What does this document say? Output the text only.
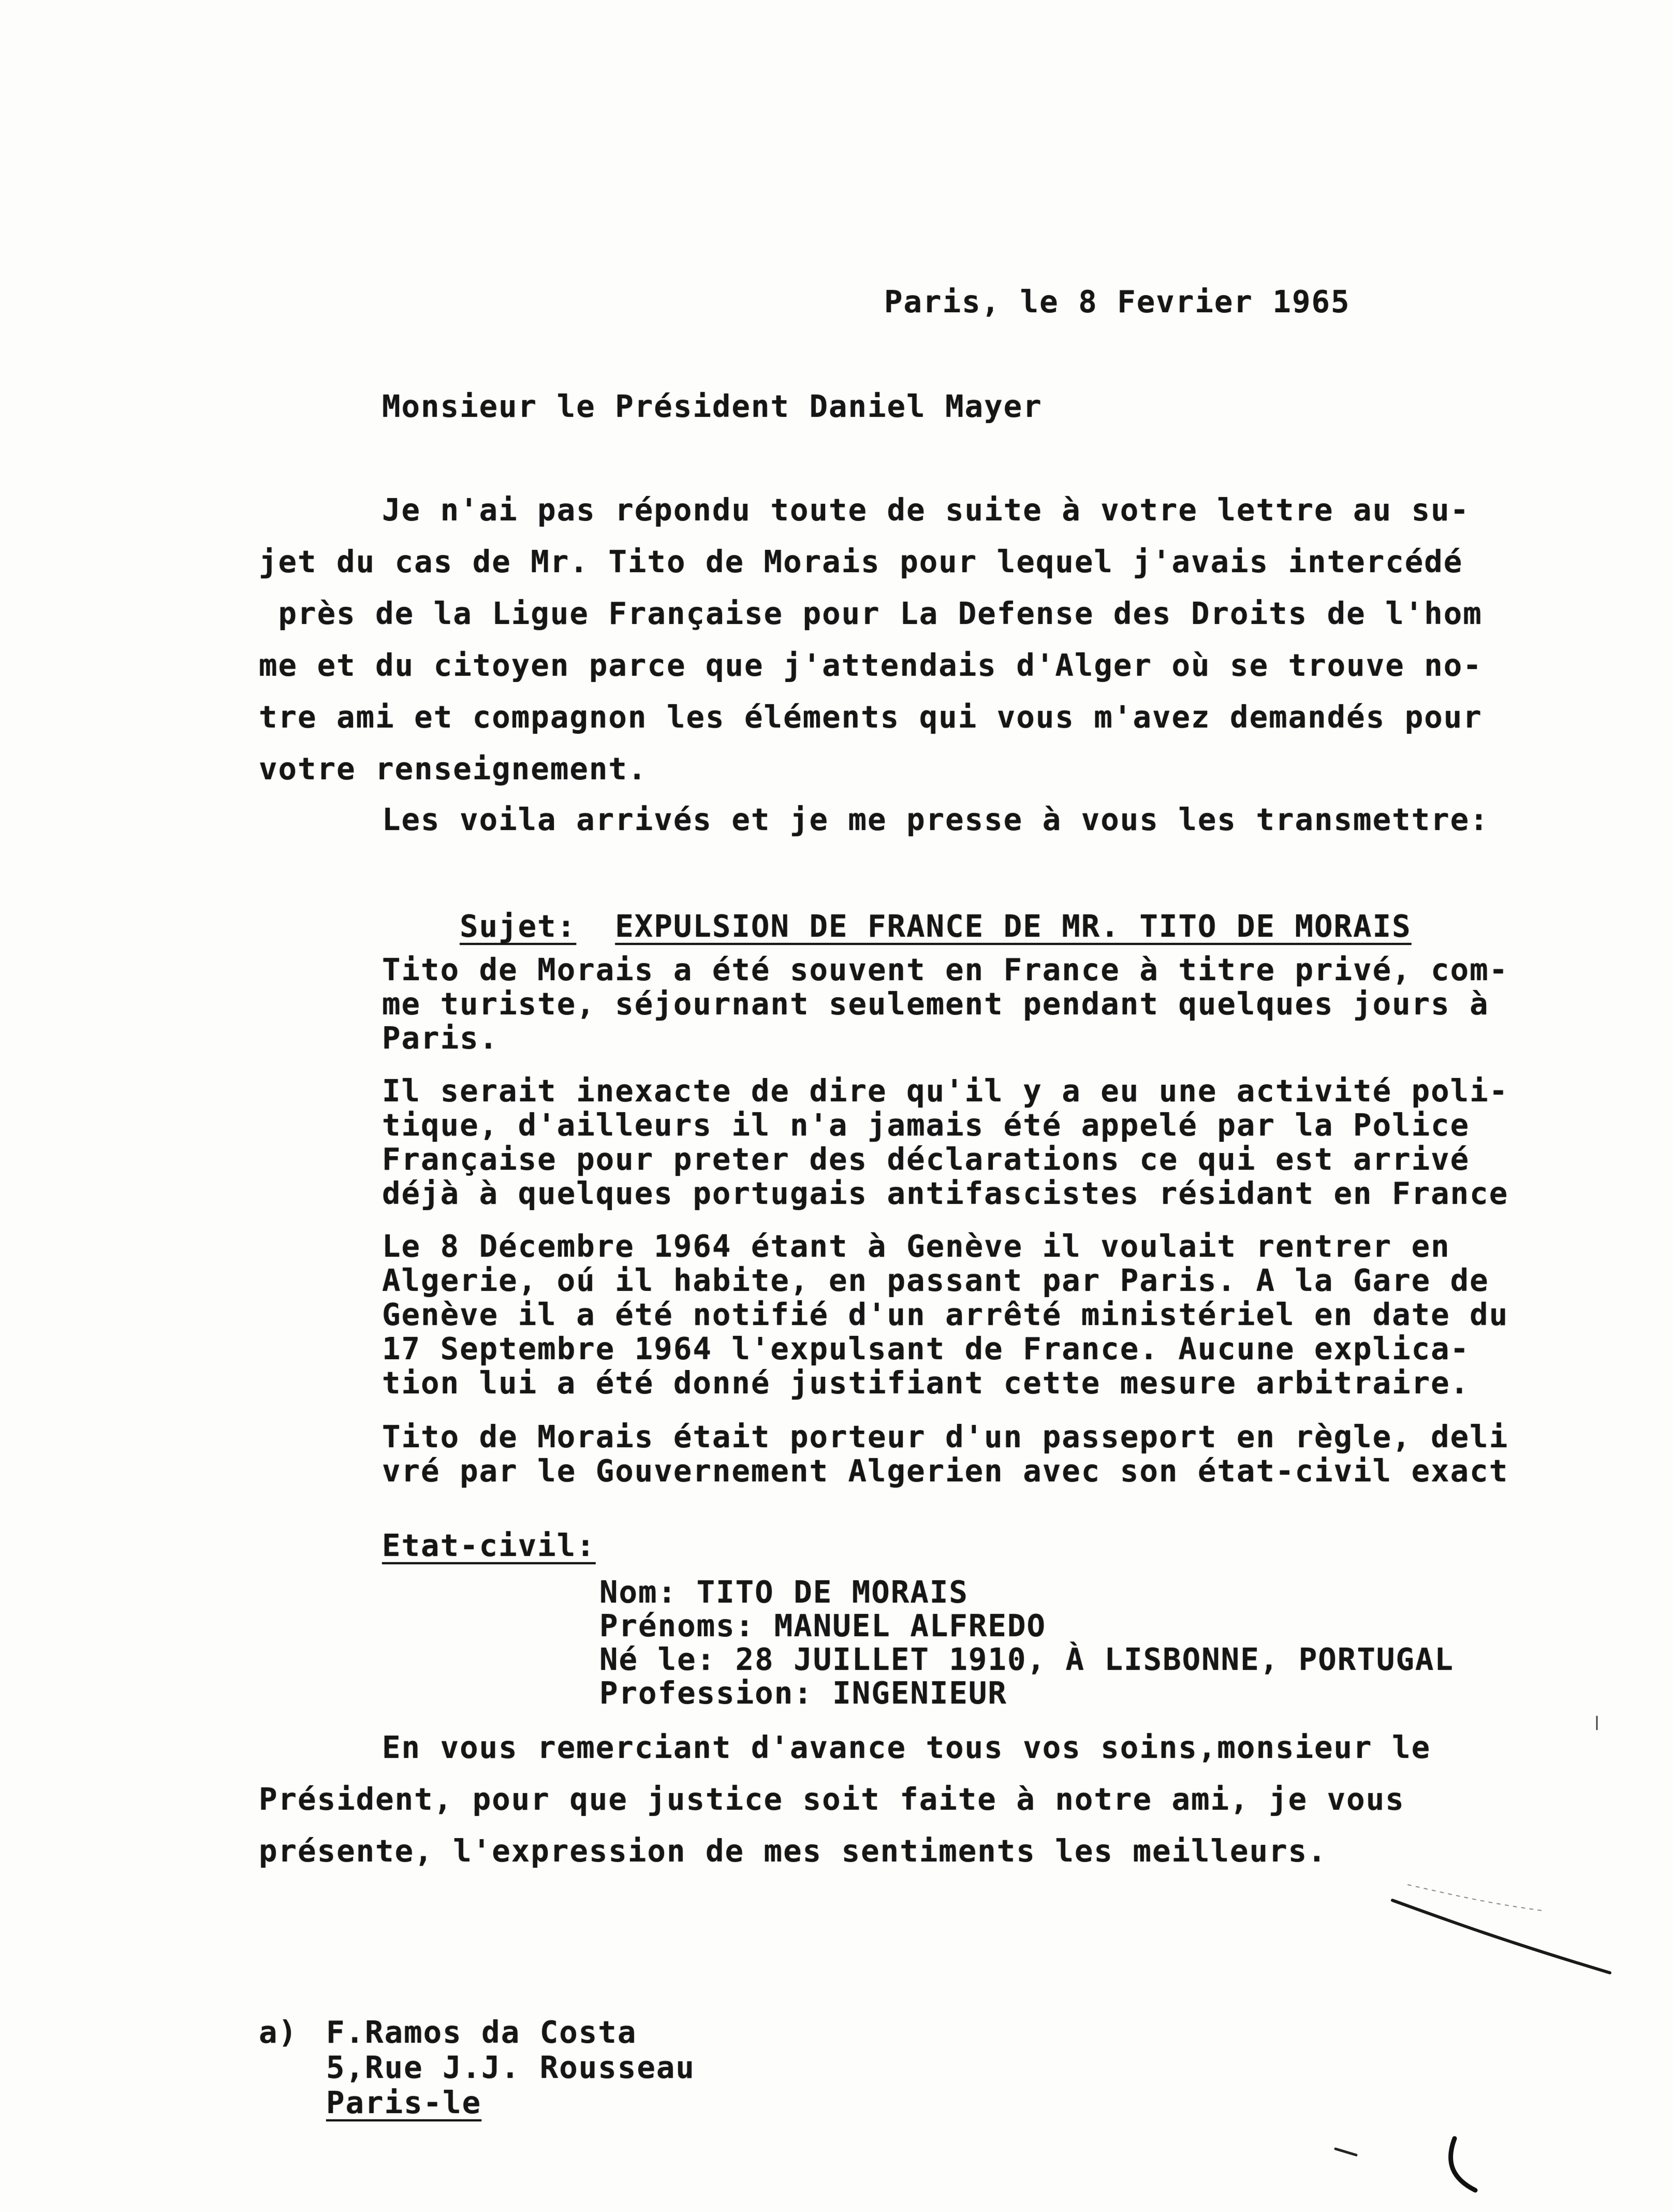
Paris, le 8 Fevrier 1965
Monsieur le Président Daniel Mayer

Je n'ai pas répondu toute de suite à votre lettre au su-

jet du cas de Mr. Tito de Morais pour lequel j'avais intercédé

près de la Ligue Française pour La Defense des Droits de l'hom

me et du citoyen parce que j'attendais d'Alger où se trouve no-

tre ami et compagnon les éléments qui vous m'avez demandés pour

votre renseignement.

Les voila arrivés et je me presse à vous les transmettre:

Sujet: EXPULSION DE FRANCE DE MR. TITO DE MORAIS

Tito de Morais a été souvent en France à titre privé, com-

me turiste, séjournant seulement pendant quelques jours à

Paris.

Il serait inexacte de dire qu'il y a eu une activité poli-

tique, d'ailleurs il n'a jamais été appelé par la Police

Française pour preter des déclarations ce qui est arrivé

déjà à quelques portugais antifascistes résidant en France

Le 8 Décembre 1964 étant à Genève il voulait rentrer en

Algerie, oú il habite, en passant par Paris. A la Gare de

Genève il a été notifié d'un arrêté ministériel en date du

17 Septembre 1964 l'expulsant de France. Aucune explica-

tion lui a été donné justifiant cette mesure arbitraire.

Tito de Morais était porteur d'un passeport en règle, deli

vré par le Gouvernement Algerien avec son état-civil exact

Etat-civil:

Nom: TITO DE MORAIS

Prénoms: MANUEL ALFREDO

Né le: 28 JUILLET 1910, À LISBONNE, PORTUGAL

Profession: INGENIEUR

En vous remerciant d'avance tous vos soins,monsieur le

Président, pour que justice soit faite à notre ami, je vous

présente, l'expression de mes sentiments les meilleurs.

a)

F.Ramos da Costa

5,Rue J.J. Rousseau

Paris-le
